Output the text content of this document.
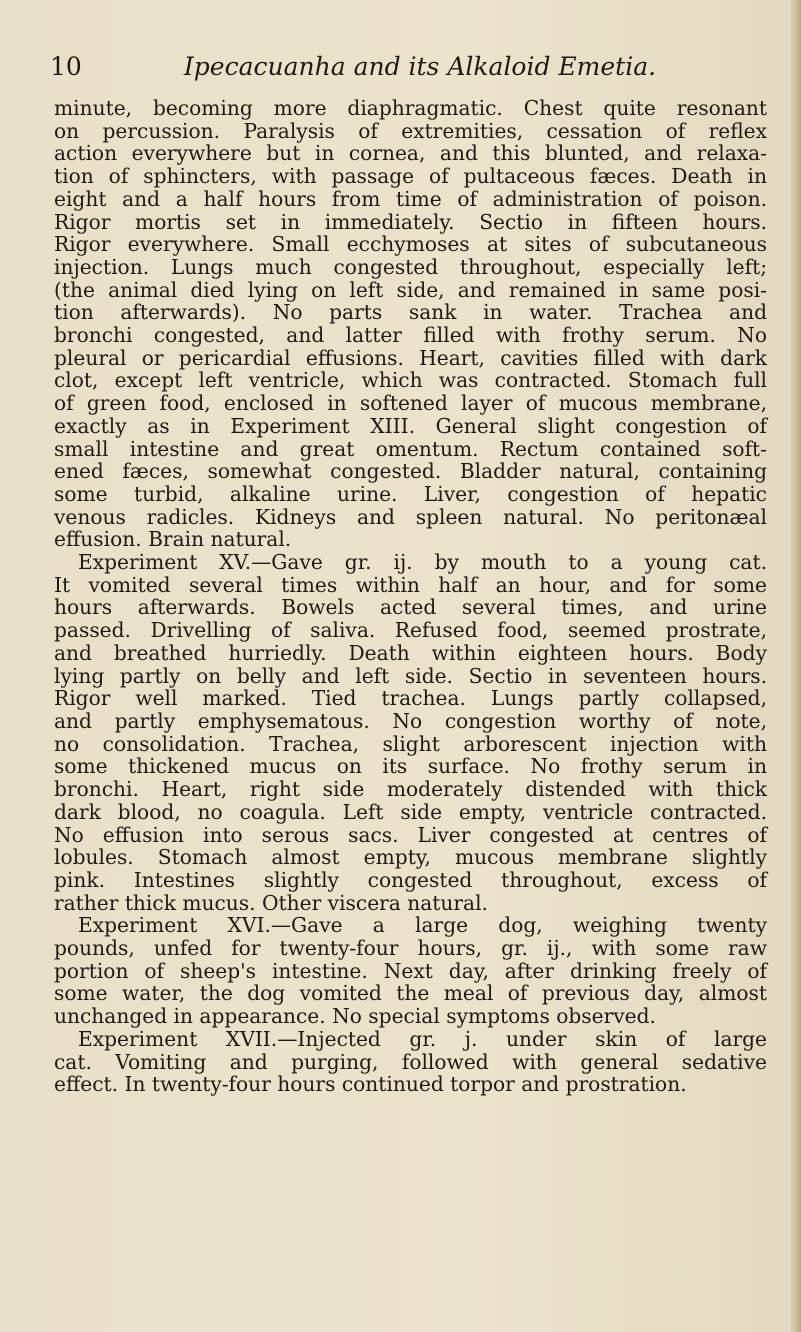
10	Ipecacuanha and its Alkaloid Emetia.

minute, becoming more diaphragmatic. Chest quite resonant
on percussion. Paralysis of extremities, cessation of reflex
action everywhere but in cornea, and this blunted, and relaxa-
tion of sphincters, with passage of pultaceous fæces. Death in
eight and a half hours from time of administration of poison.
Rigor mortis set in immediately. Sectio in fifteen hours.
Rigor everywhere. Small ecchymoses at sites of subcutaneous
injection. Lungs much congested throughout, especially left;
(the animal died lying on left side, and remained in same posi-
tion afterwards). No parts sank in water. Trachea and
bronchi congested, and latter filled with frothy serum. No
pleural or pericardial effusions. Heart, cavities filled with dark
clot, except left ventricle, which was contracted. Stomach full
of green food, enclosed in softened layer of mucous membrane,
exactly as in Experiment XIII. General slight congestion of
small intestine and great omentum. Rectum contained soft-
ened fæces, somewhat congested. Bladder natural, containing
some turbid, alkaline urine. Liver, congestion of hepatic
venous radicles. Kidneys and spleen natural. No peritonæal
effusion. Brain natural.

Experiment XV.—Gave gr. ij. by mouth to a young cat.
It vomited several times within half an hour, and for some
hours afterwards. Bowels acted several times, and urine
passed. Drivelling of saliva. Refused food, seemed prostrate,
and breathed hurriedly. Death within eighteen hours. Body
lying partly on belly and left side. Sectio in seventeen hours.
Rigor well marked. Tied trachea. Lungs partly collapsed,
and partly emphysematous. No congestion worthy of note,
no consolidation. Trachea, slight arborescent injection with
some thickened mucus on its surface. No frothy serum in
bronchi. Heart, right side moderately distended with thick
dark blood, no coagula. Left side empty, ventricle contracted.
No effusion into serous sacs. Liver congested at centres of
lobules. Stomach almost empty, mucous membrane slightly
pink. Intestines slightly congested throughout, excess of
rather thick mucus. Other viscera natural.

Experiment XVI.—Gave a large dog, weighing twenty
pounds, unfed for twenty-four hours, gr. ij., with some raw
portion of sheep's intestine. Next day, after drinking freely of
some water, the dog vomited the meal of previous day, almost
unchanged in appearance. No special symptoms observed.

Experiment XVII.—Injected gr. j. under skin of large
cat. Vomiting and purging, followed with general sedative
effect. In twenty-four hours continued torpor and prostration.
